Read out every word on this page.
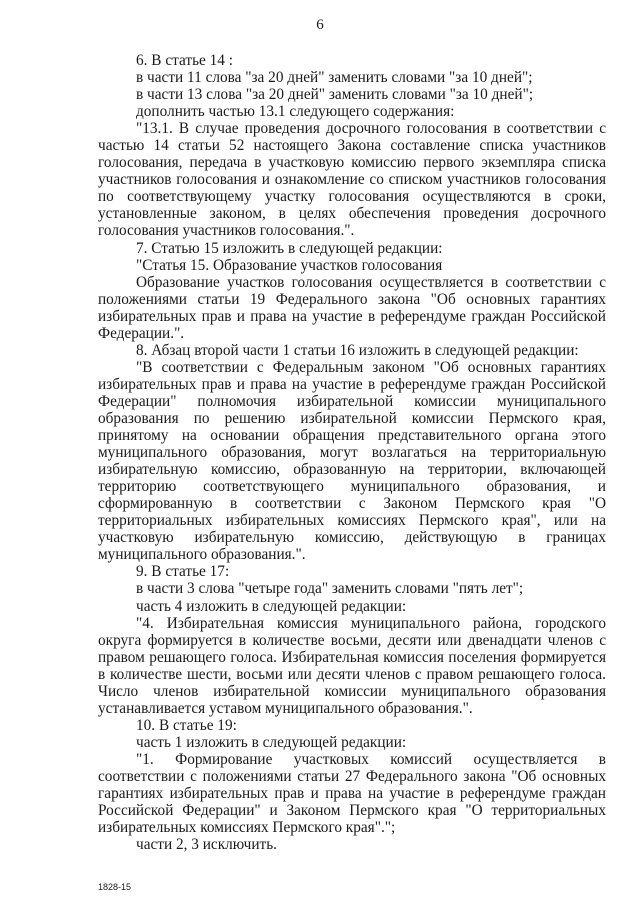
6

6. В статье 14 :

в части 11 слова "за 20 дней" заменить словами "за 10 дней";

в части 13 слова "за 20 дней" заменить словами "за 10 дней";

дополнить частью 13.1 следующего содержания:

"13.1. В случае проведения досрочного голосования в соответствии с частью 14 статьи 52 настоящего Закона составление списка участников голосования, передача в участковую комиссию первого экземпляра списка участников голосования и ознакомление со списком участников голосования по соответствующему участку голосования осуществляются в сроки, установленные законом, в целях обеспечения проведения досрочного голосования участников голосования.".

7. Статью 15 изложить в следующей редакции:

"Статья 15. Образование участков голосования

Образование участков голосования осуществляется в соответствии с положениями статьи 19 Федерального закона "Об основных гарантиях избирательных прав и права на участие в референдуме граждан Российской Федерации.".

8. Абзац второй части 1 статьи 16 изложить в следующей редакции:

"В соответствии с Федеральным законом "Об основных гарантиях избирательных прав и права на участие в референдуме граждан Российской Федерации" полномочия избирательной комиссии муниципального образования по решению избирательной комиссии Пермского края, принятому на основании обращения представительного органа этого муниципального образования, могут возлагаться на территориальную избирательную комиссию, образованную на территории, включающей территорию соответствующего муниципального образования, и сформированную в соответствии с Законом Пермского края "О территориальных избирательных комиссиях Пермского края", или на участковую избирательную комиссию, действующую в границах муниципального образования.".

9. В статье 17:

в части 3 слова "четыре года" заменить словами "пять лет";

часть 4 изложить в следующей редакции:

"4. Избирательная комиссия муниципального района, городского округа формируется в количестве восьми, десяти или двенадцати членов с правом решающего голоса. Избирательная комиссия поселения формируется в количестве шести, восьми или десяти членов с правом решающего голоса. Число членов избирательной комиссии муниципального образования устанавливается уставом муниципального образования.".

10. В статье 19:

часть 1 изложить в следующей редакции:

"1. Формирование участковых комиссий осуществляется в соответствии с положениями статьи 27 Федерального закона "Об основных гарантиях избирательных прав и права на участие в референдуме граждан Российской Федерации" и Законом Пермского края "О территориальных избирательных комиссиях Пермского края".";

части 2, 3 исключить.

1828-15
